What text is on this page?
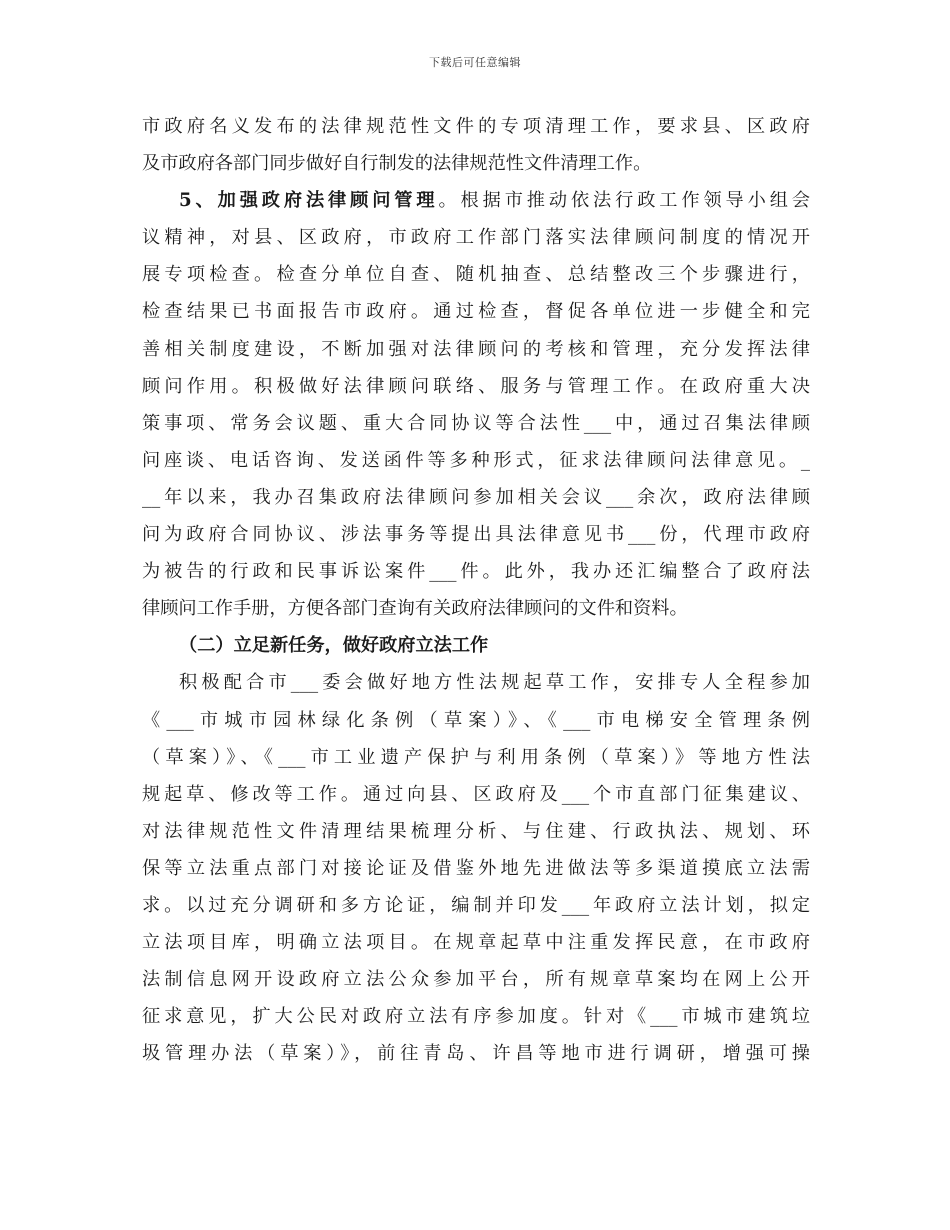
下载后可任意编辑
市政府名义发布的法律规范性文件的专项清理工作，要求县、区政府
及市政府各部门同步做好自行制发的法律规范性文件清理工作。
5、加强政府法律顾问管理。根据市推动依法行政工作领导小组会
议精神，对县、区政府，市政府工作部门落实法律顾问制度的情况开
展专项检查。检查分单位自查、随机抽查、总结整改三个步骤进行，
检查结果已书面报告市政府。通过检查，督促各单位进一步健全和完
善相关制度建设，不断加强对法律顾问的考核和管理，充分发挥法律
顾问作用。积极做好法律顾问联络、服务与管理工作。在政府重大决
策事项、常务会议题、重大合同协议等合法性___中，通过召集法律顾
问座谈、电话咨询、发送函件等多种形式，征求法律顾问法律意见。_
__年以来，我办召集政府法律顾问参加相关会议___余次，政府法律顾
问为政府合同协议、涉法事务等提出具法律意见书___份，代理市政府
为被告的行政和民事诉讼案件___件。此外，我办还汇编整合了政府法
律顾问工作手册，方便各部门查询有关政府法律顾问的文件和资料。
（二）立足新任务，做好政府立法工作
积极配合市___委会做好地方性法规起草工作，安排专人全程参加
《___市城市园林绿化条例（草案）》、《___市电梯安全管理条例
（草案）》、《___市工业遗产保护与利用条例（草案）》等地方性法
规起草、修改等工作。通过向县、区政府及___个市直部门征集建议、
对法律规范性文件清理结果梳理分析、与住建、行政执法、规划、环
保等立法重点部门对接论证及借鉴外地先进做法等多渠道摸底立法需
求。以过充分调研和多方论证，编制并印发___年政府立法计划，拟定
立法项目库，明确立法项目。在规章起草中注重发挥民意，在市政府
法制信息网开设政府立法公众参加平台，所有规章草案均在网上公开
征求意见，扩大公民对政府立法有序参加度。针对《___市城市建筑垃
圾管理办法（草案）》，前往青岛、许昌等地市进行调研，增强可操
